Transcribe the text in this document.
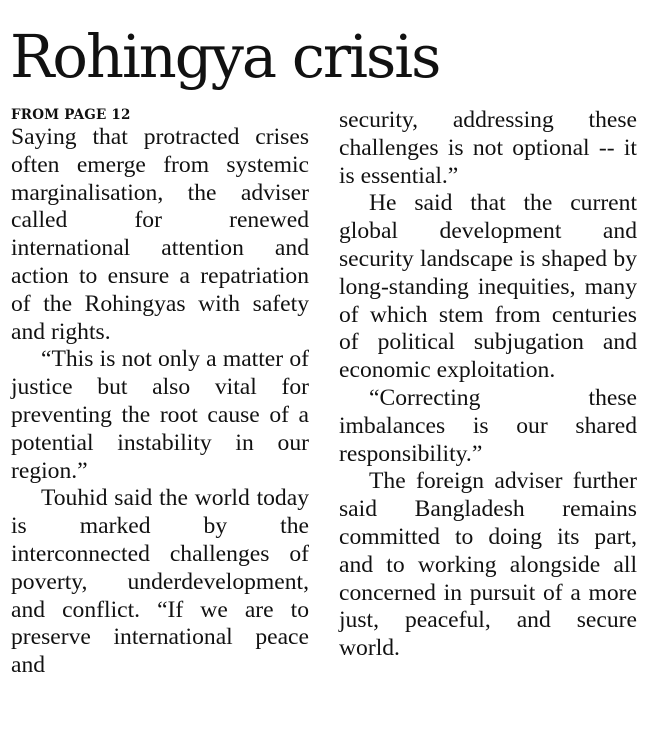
Rohingya crisis
FROM PAGE 12

Saying that protracted crises often emerge from systemic marginalisation, the adviser called for renewed international attention and action to ensure a repatriation of the Rohingyas with safety and rights.

“This is not only a matter of justice but also vital for preventing the root cause of a potential instability in our region.”

Touhid said the world today is marked by the interconnected challenges of poverty, underdevelopment, and conflict. “If we are to preserve international peace and

security, addressing these challenges is not optional -- it is essential.”

He said that the current global development and security landscape is shaped by long-standing inequities, many of which stem from centuries of political subjugation and economic exploitation.

“Correcting these imbalances is our shared responsibility.”

The foreign adviser further said Bangladesh remains committed to doing its part, and to working alongside all concerned in pursuit of a more just, peaceful, and secure world.
